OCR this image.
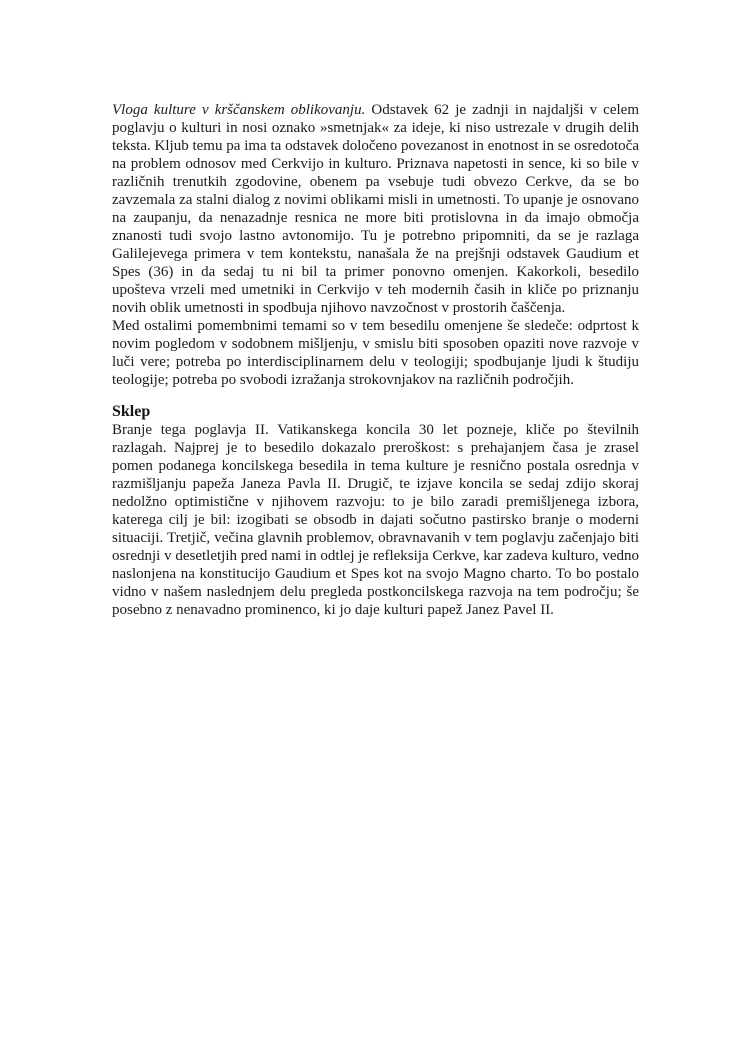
Vloga kulture v krščanskem oblikovanju. Odstavek 62 je zadnji in najdaljši v celem poglavju o kulturi in nosi oznako »smetnjak« za ideje, ki niso ustrezale v drugih delih teksta. Kljub temu pa ima ta odstavek določeno povezanost in enotnost in se osredotoča na problem odnosov med Cerkvijo in kulturo. Priznava napetosti in sence, ki so bile v različnih trenutkih zgodovine, obenem pa vsebuje tudi obvezo Cerkve, da se bo zavzemala za stalni dialog z novimi oblikami misli in umetnosti. To upanje je osnovano na zaupanju, da nenazadnje resnica ne more biti protislovna in da imajo območja znanosti tudi svojo lastno avtonomijo. Tu je potrebno pripomniti, da se je razlaga Galilejevega primera v tem kontekstu, nanašala že na prejšnji odstavek Gaudium et Spes (36) in da sedaj tu ni bil ta primer ponovno omenjen. Kakorkoli, besedilo upošteva vrzeli med umetniki in Cerkvijo v teh modernih časih in kliče po priznanju novih oblik umetnosti in spodbuja njihovo navzočnost v prostorih čaščenja.

Med ostalimi pomembnimi temami so v tem besedilu omenjene še sledeče: odprtost k novim pogledom v sodobnem mišljenju, v smislu biti sposoben opaziti nove razvoje v luči vere; potreba po interdisciplinarnem delu v teologiji; spodbujanje ljudi k študiju teologije; potreba po svobodi izražanja strokovnjakov na različnih področjih.

Sklep

Branje tega poglavja II. Vatikanskega koncila 30 let pozneje, kliče po številnih razlagah. Najprej je to besedilo dokazalo preroškost: s prehajanjem časa je zrasel pomen podanega koncilskega besedila in tema kulture je resnično postala osrednja v razmišljanju papeža Janeza Pavla II. Drugič, te izjave koncila se sedaj zdijo skoraj nedolžno optimistične v njihovem razvoju: to je bilo zaradi premišljenega izbora, katerega cilj je bil: izogibati se obsodb in dajati sočutno pastirsko branje o moderni situaciji. Tretjič, večina glavnih problemov, obravnavanih v tem poglavju začenjajo biti osrednji v desetletjih pred nami in odtlej je refleksija Cerkve, kar zadeva kulturo, vedno naslonjena na konstitucijo Gaudium et Spes kot na svojo Magno charto. To bo postalo vidno v našem naslednjem delu pregleda postkoncilskega razvoja na tem področju; še posebno z nenavadno prominenco, ki jo daje kulturi papež Janez Pavel II.
